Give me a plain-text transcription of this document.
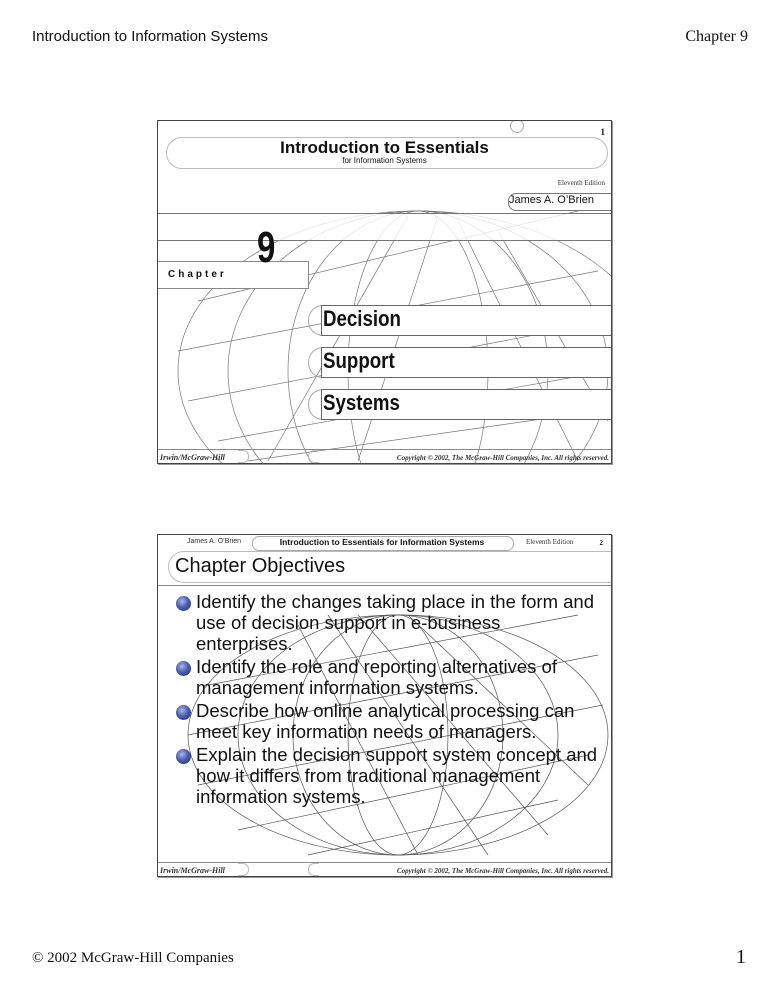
Introduction to Information Systems	Chapter 9
1
Introduction to Essentials
for Information Systems
Eleventh Edition
James A. O’Brien
Chapter
9
Decision
Support
Systems
Irwin/McGraw-Hill	Copyright © 2002, The McGraw-Hill Companies, Inc. All rights reserved.
James A. O’Brien	Introduction to Essentials for Information Systems	Eleventh Edition	2
Chapter Objectives
Identify the changes taking place in the form and use of decision support in e-business enterprises.
Identify the role and reporting alternatives of management information systems.
Describe how online analytical processing can meet key information needs of managers.
Explain the decision support system concept and how it differs from traditional management information systems.
Irwin/McGraw-Hill	Copyright © 2002, The McGraw-Hill Companies, Inc. All rights reserved.
© 2002 McGraw-Hill Companies	1
